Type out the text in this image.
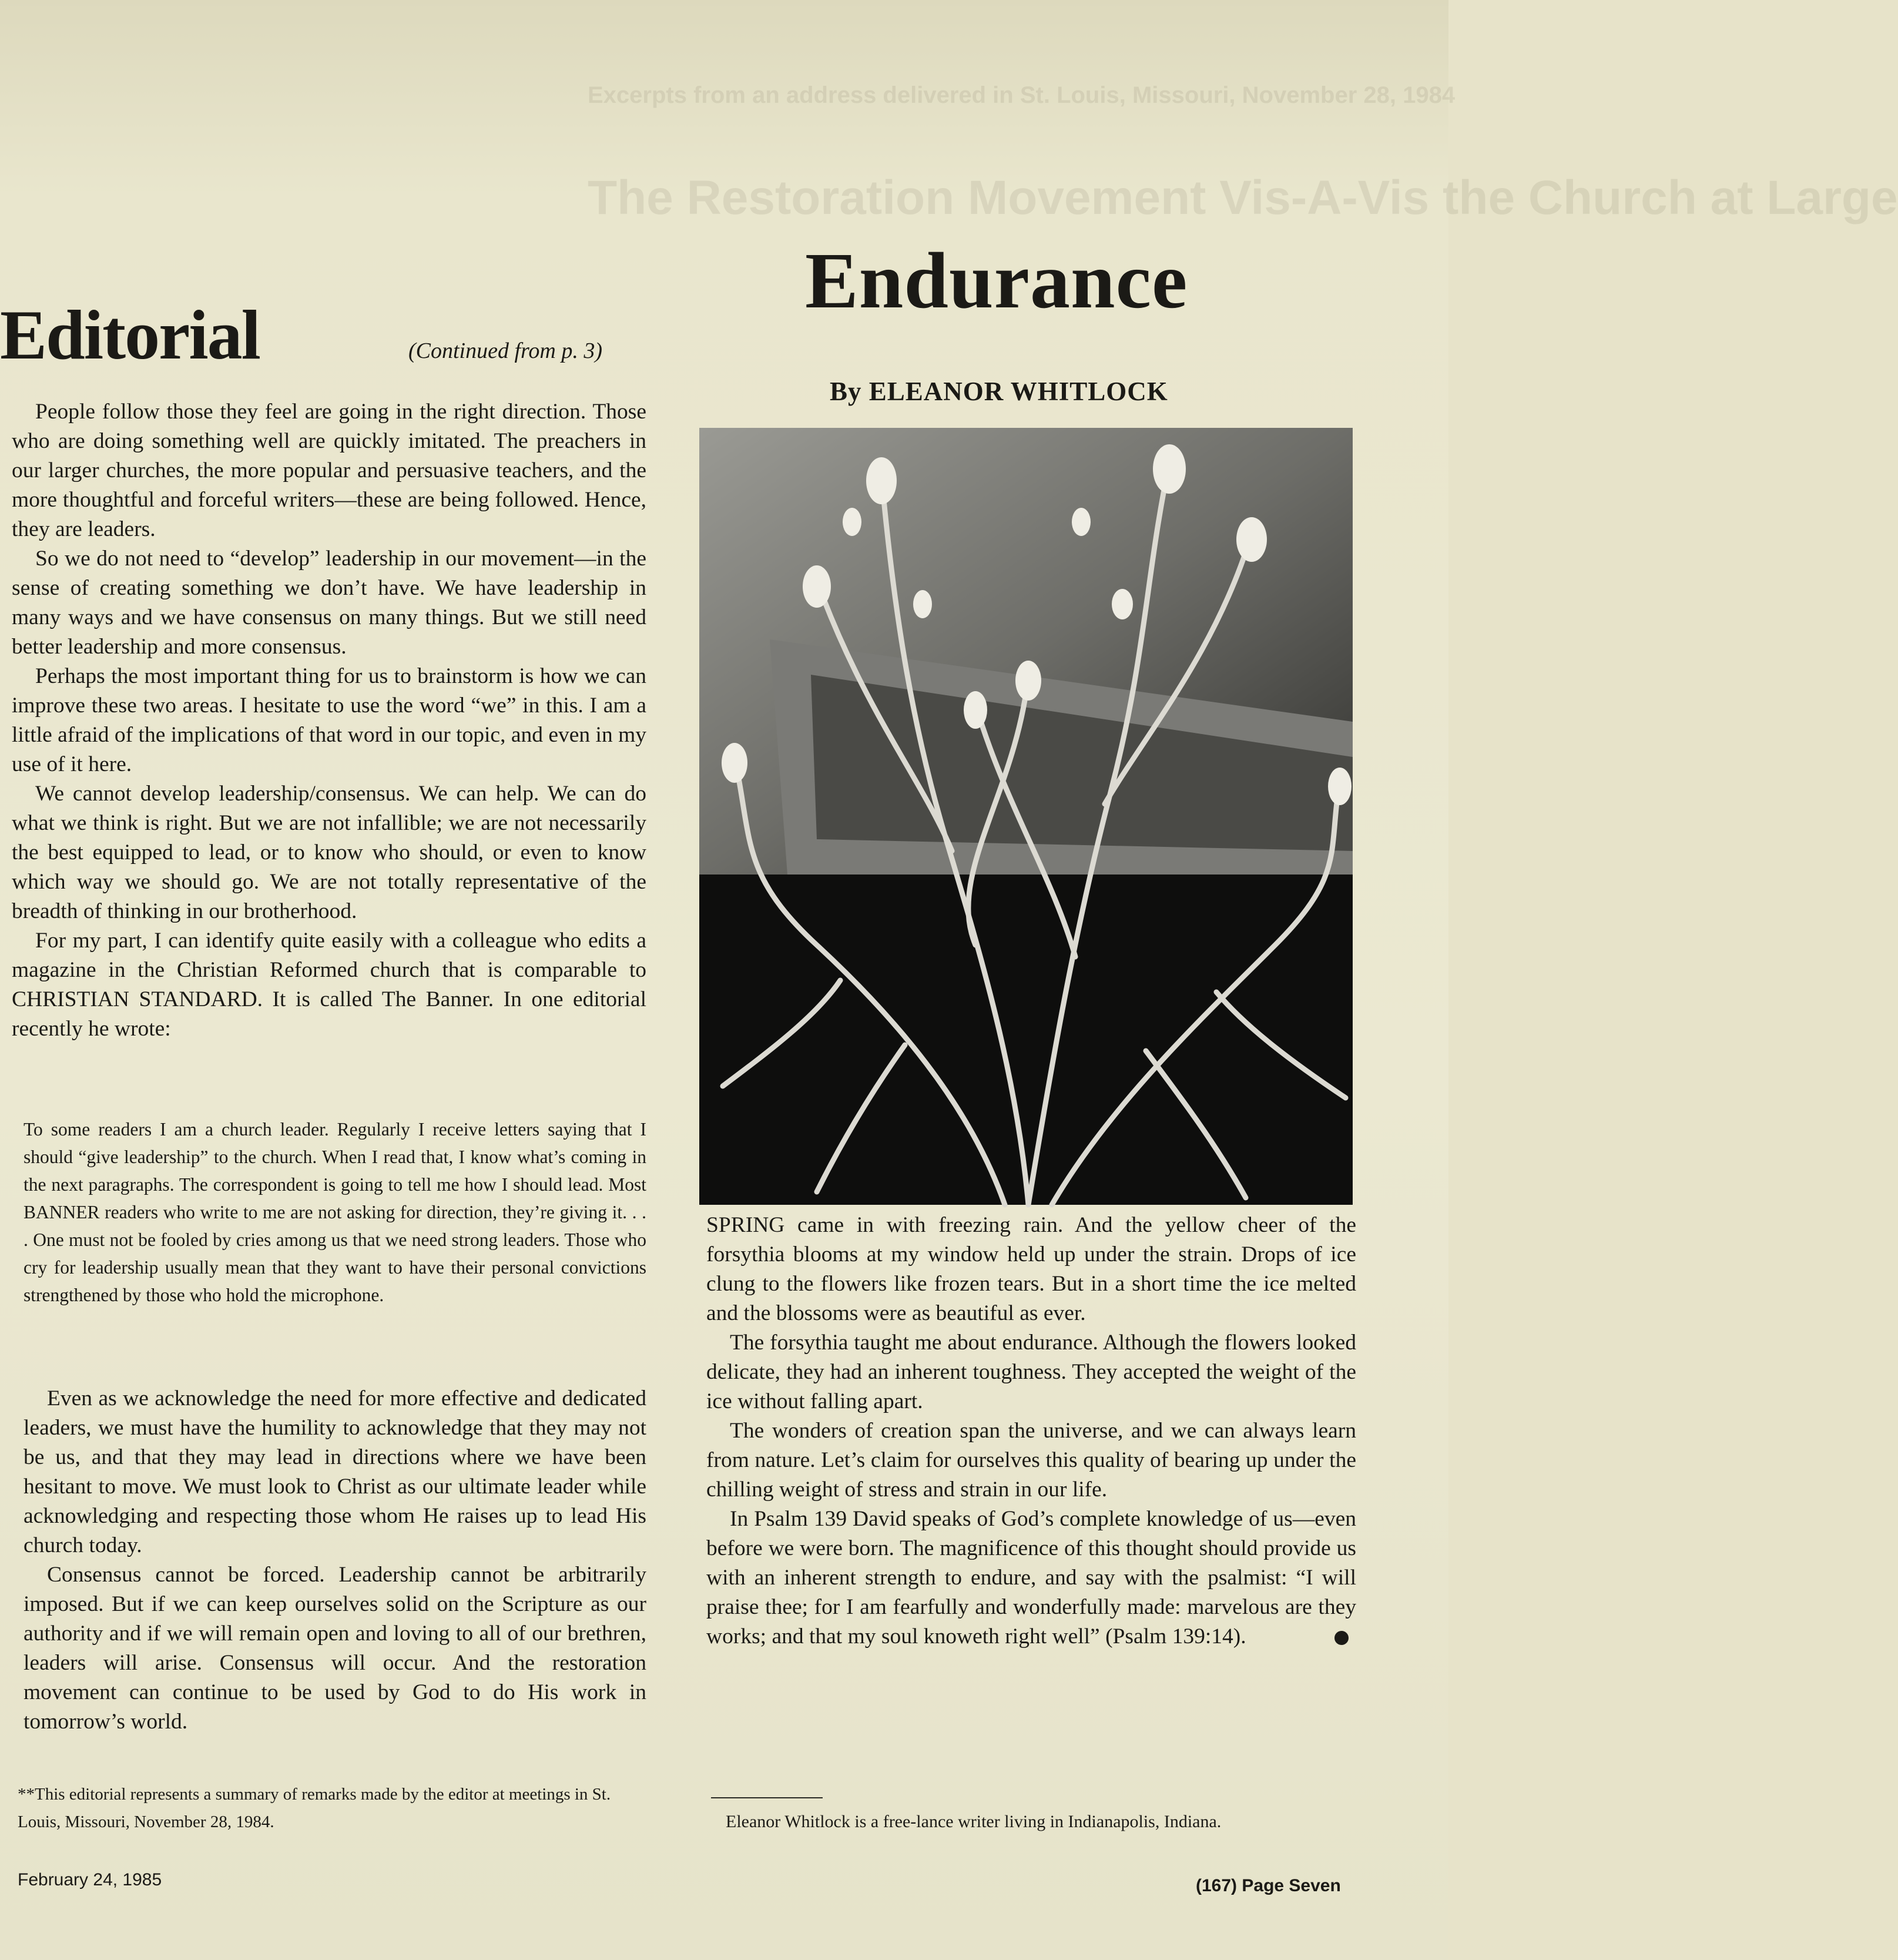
Excerpts from an address delivered in St. Louis, Missouri, November 28, 1984
The Restoration Movement Vis-A-Vis the Church at Large
Editorial	(Continued from p. 3)

People follow those they feel are going in the right direction. Those who are doing something well are quickly imitated. The preachers in our larger churches, the more popular and persuasive teachers, and the more thoughtful and forceful writers—these are being followed. Hence, they are leaders.

So we do not need to “develop” leadership in our movement—in the sense of creating something we don’t have. We have leadership in many ways and we have consensus on many things. But we still need better leadership and more consensus.

Perhaps the most important thing for us to brainstorm is how we can improve these two areas. I hesitate to use the word “we” in this. I am a little afraid of the implications of that word in our topic, and even in my use of it here.

We cannot develop leadership/consensus. We can help. We can do what we think is right. But we are not infallible; we are not necessarily the best equipped to lead, or to know who should, or even to know which way we should go. We are not totally representative of the breadth of thinking in our brotherhood.

For my part, I can identify quite easily with a colleague who edits a magazine in the Christian Reformed church that is comparable to CHRISTIAN STANDARD. It is called The Banner. In one editorial recently he wrote:

To some readers I am a church leader. Regularly I receive letters saying that I should “give leadership” to the church. When I read that, I know what’s coming in the next paragraphs. The correspondent is going to tell me how I should lead. Most BANNER readers who write to me are not asking for direction, they’re giving it. . . . One must not be fooled by cries among us that we need strong leaders. Those who cry for leadership usually mean that they want to have their personal convictions strengthened by those who hold the microphone.

Even as we acknowledge the need for more effective and dedicated leaders, we must have the humility to acknowledge that they may not be us, and that they may lead in directions where we have been hesitant to move. We must look to Christ as our ultimate leader while acknowledging and respecting those whom He raises up to lead His church today.

Consensus cannot be forced. Leadership cannot be arbitrarily imposed. But if we can keep ourselves solid on the Scripture as our authority and if we will remain open and loving to all of our brethren, leaders will arise. Consensus will occur. And the restoration movement can continue to be used by God to do His work in tomorrow’s world.

**This editorial represents a summary of remarks made by the editor at meetings in St. Louis, Missouri, November 28, 1984.

February 24, 1985
Endurance
By ELEANOR WHITLOCK

SPRING came in with freezing rain. And the yellow cheer of the forsythia blooms at my window held up under the strain. Drops of ice clung to the flowers like frozen tears. But in a short time the ice melted and the blossoms were as beautiful as ever.

The forsythia taught me about endurance. Although the flowers looked delicate, they had an inherent toughness. They accepted the weight of the ice without falling apart.

The wonders of creation span the universe, and we can always learn from nature. Let’s claim for ourselves this quality of bearing up under the chilling weight of stress and strain in our life.

In Psalm 139 David speaks of God’s complete knowledge of us—even before we were born. The magnificence of this thought should provide us with an inherent strength to endure, and say with the psalmist: “I will praise thee; for I am fearfully and wonderfully made: marvelous are they works; and that my soul knoweth right well” (Psalm 139:14).

Eleanor Whitlock is a free-lance writer living in Indianapolis, Indiana.
(167) Page Seven
